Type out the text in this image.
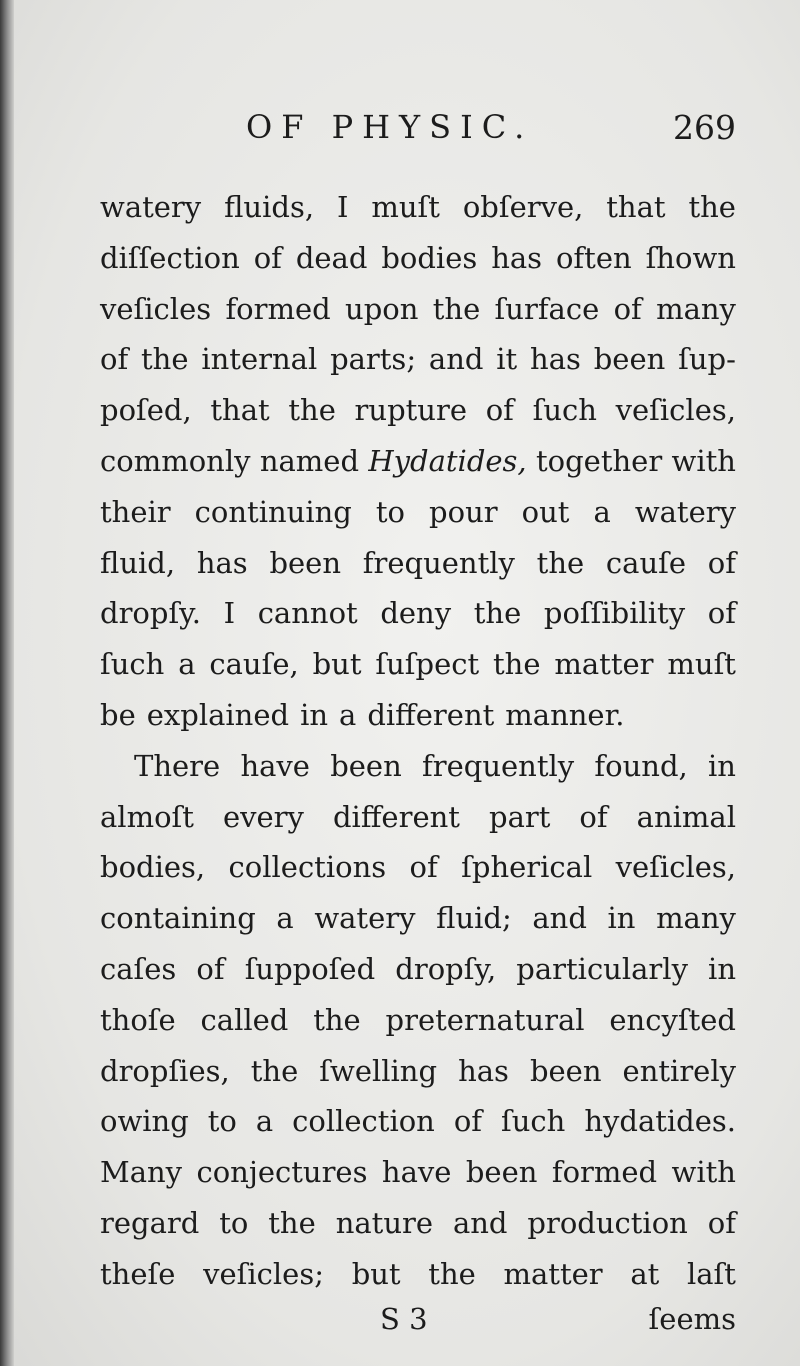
OF PHYSIC.	269
watery fluids, I muſt obſerve, that the
diſſection of dead bodies has often ſhown
veſicles formed upon the ſurface of many
of the internal parts; and it has been ſup-
poſed, that the rupture of ſuch veſicles,
commonly named Hydatides, together with
their continuing to pour out a watery
fluid, has been frequently the cauſe of
dropſy. I cannot deny the poſſibility of
ſuch a cauſe, but ſuſpect the matter muſt
be explained in a different manner.
There have been frequently found, in
almoſt every different part of animal
bodies, collections of ſpherical veſicles,
containing a watery fluid; and in many
caſes of ſuppoſed dropſy, particularly in
thoſe called the preternatural encyſted
dropſies, the ſwelling has been entirely
owing to a collection of ſuch hydatides.
Many conjectures have been formed with
regard to the nature and production of
theſe veſicles; but the matter at laſt
S 3	ſeems
